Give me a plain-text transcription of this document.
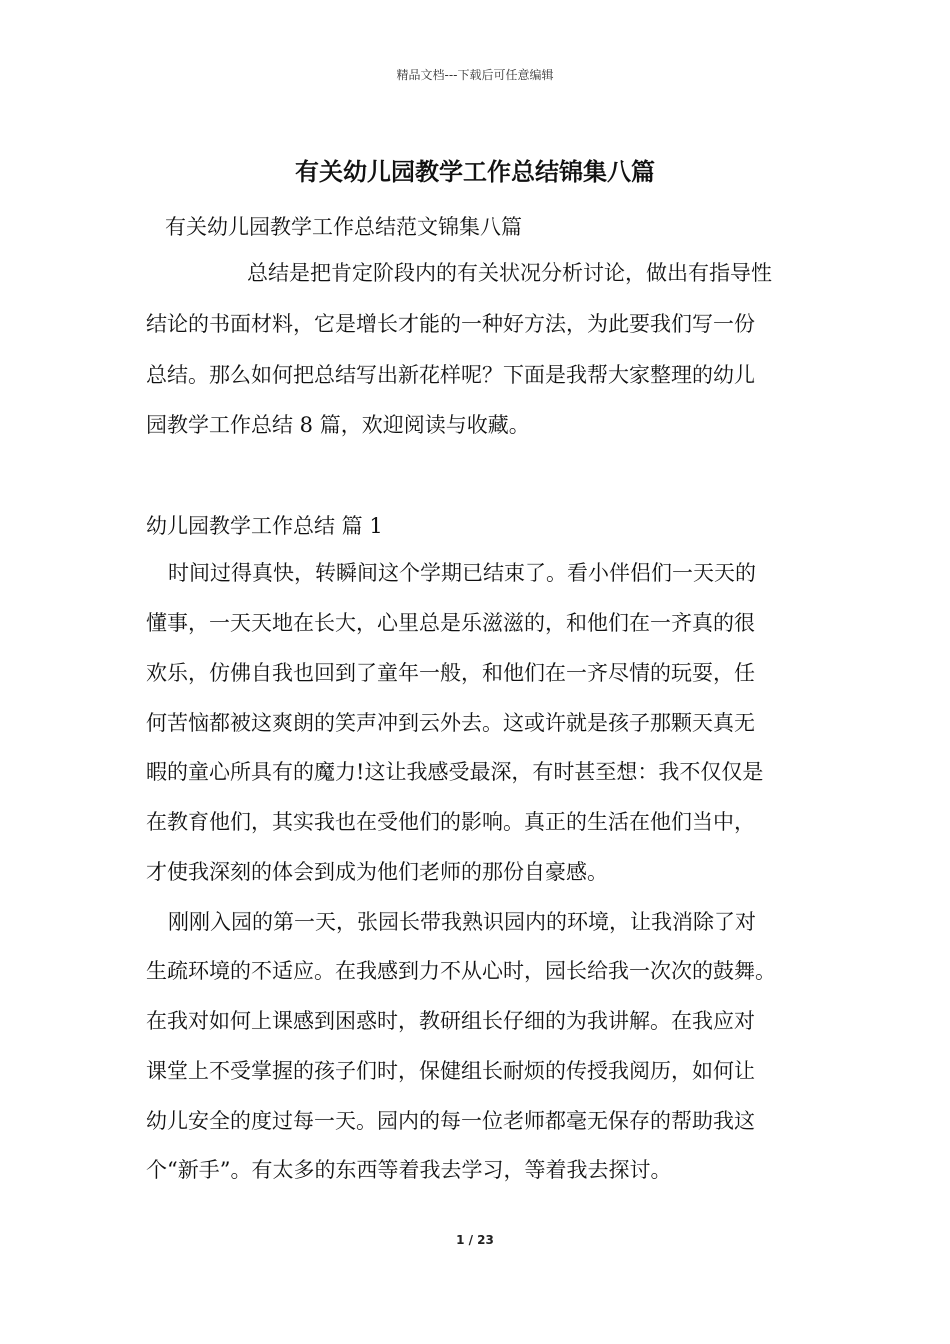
精品文档---下载后可任意编辑
有关幼儿园教学工作总结锦集八篇
有关幼儿园教学工作总结范文锦集八篇
总结是把肯定阶段内的有关状况分析讨论，做出有指导性
结论的书面材料，它是增长才能的一种好方法，为此要我们写一份
总结。那么如何把总结写出新花样呢？下面是我帮大家整理的幼儿
园教学工作总结 8 篇，欢迎阅读与收藏。
幼儿园教学工作总结 篇 1
时间过得真快，转瞬间这个学期已结束了。看小伴侣们一天天的
懂事，一天天地在长大，心里总是乐滋滋的，和他们在一齐真的很
欢乐，仿佛自我也回到了童年一般，和他们在一齐尽情的玩耍，任
何苦恼都被这爽朗的笑声冲到云外去。这或许就是孩子那颗天真无
暇的童心所具有的魔力!这让我感受最深，有时甚至想：我不仅仅是
在教育他们，其实我也在受他们的影响。真正的生活在他们当中，
才使我深刻的体会到成为他们老师的那份自豪感。
刚刚入园的第一天，张园长带我熟识园内的环境，让我消除了对
生疏环境的不适应。在我感到力不从心时，园长给我一次次的鼓舞。
在我对如何上课感到困惑时，教研组长仔细的为我讲解。在我应对
课堂上不受掌握的孩子们时，保健组长耐烦的传授我阅历，如何让
幼儿安全的度过每一天。园内的每一位老师都毫无保存的帮助我这
个“新手”。有太多的东西等着我去学习，等着我去探讨。
1 / 23
